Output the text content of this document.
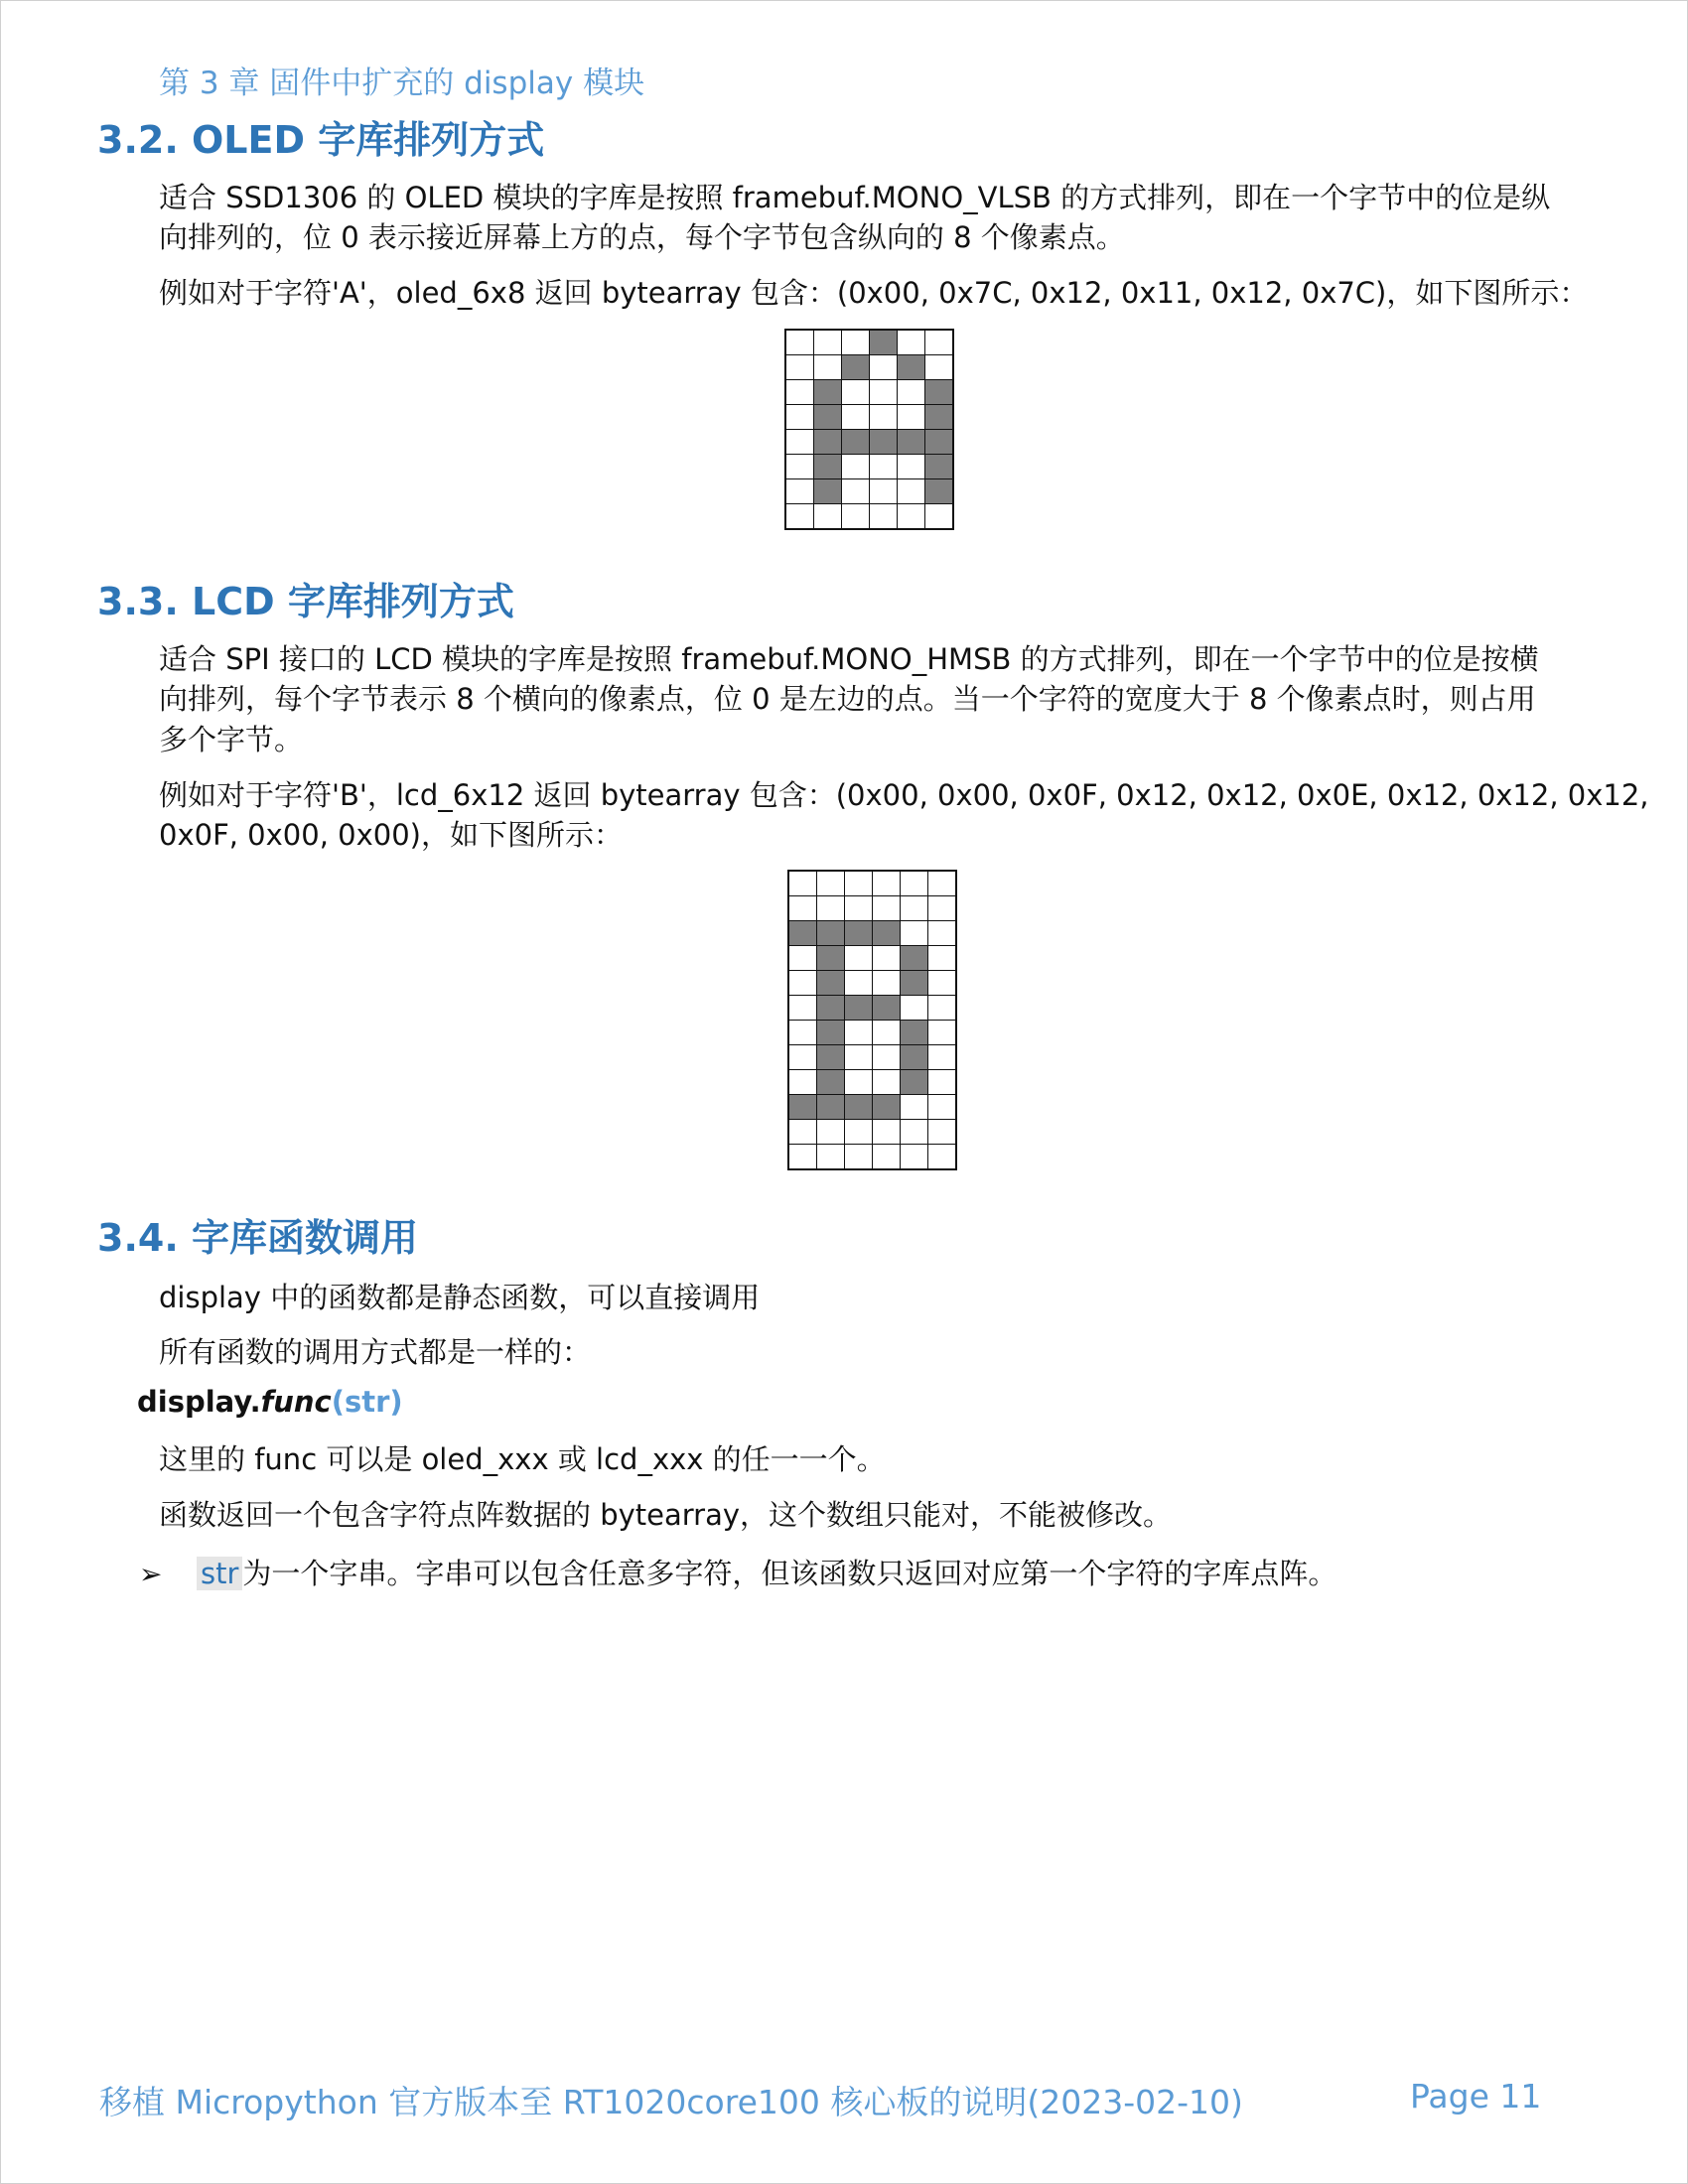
第 3 章 固件中扩充的 display 模块
3.2. OLED 字库排列方式
适合 SSD1306 的 OLED 模块的字库是按照 framebuf.MONO_VLSB 的方式排列，即在一个字节中的位是纵
向排列的，位 0 表示接近屏幕上方的点，每个字节包含纵向的 8 个像素点。
例如对于字符'A'，oled_6x8 返回 bytearray 包含：(0x00, 0x7C, 0x12, 0x11, 0x12, 0x7C)，如下图所示：

3.3. LCD 字库排列方式
适合 SPI 接口的 LCD 模块的字库是按照 framebuf.MONO_HMSB 的方式排列，即在一个字节中的位是按横
向排列，每个字节表示 8 个横向的像素点，位 0 是左边的点。当一个字符的宽度大于 8 个像素点时，则占用
多个字节。
例如对于字符'B'，lcd_6x12 返回 bytearray 包含：(0x00, 0x00, 0x0F, 0x12, 0x12, 0x0E, 0x12, 0x12, 0x12,
0x0F, 0x00, 0x00)，如下图所示：

3.4. 字库函数调用
display 中的函数都是静态函数，可以直接调用
所有函数的调用方式都是一样的：
display.func(str)
这里的 func 可以是 oled_xxx 或 lcd_xxx 的任一一个。
函数返回一个包含字符点阵数据的 bytearray，这个数组只能对，不能被修改。
➢ str 为一个字串。字串可以包含任意多字符，但该函数只返回对应第一个字符的字库点阵。
移植 Micropython 官方版本至 RT1020core100 核心板的说明(2023-02-10)	Page 11
